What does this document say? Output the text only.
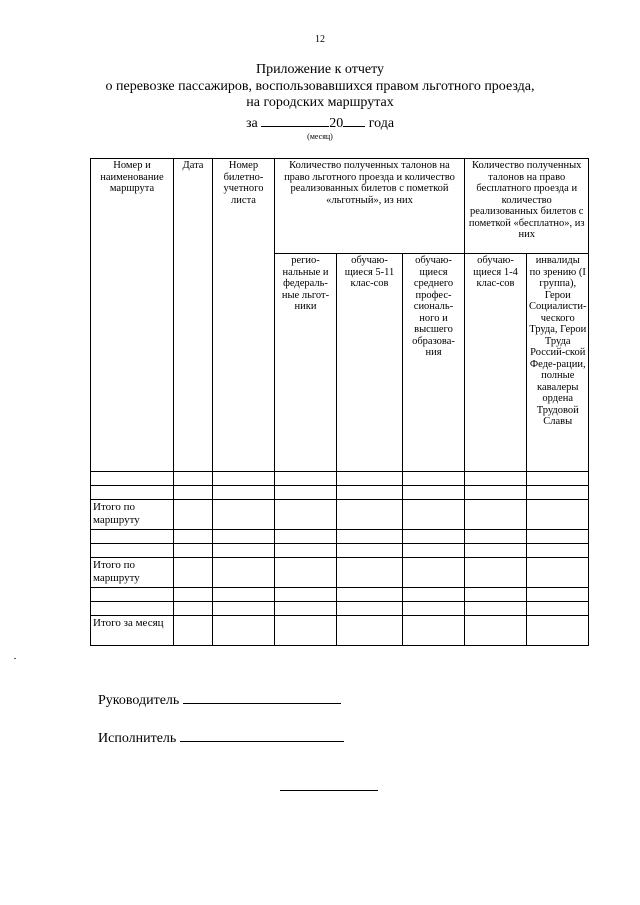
12
Приложение к отчету
о перевозке пассажиров, воспользовавшихся правом льготного проезда,
на городских маршрутах
за	20 года
(месяц)
Номер и наименование маршрута	Дата	Номер билетно-учетного листа	Количество полученных талонов на право льготного проезда и количество реализованных билетов с пометкой «льготный», из них			Количество полученных талонов на право бесплатного проезда и количество реализованных билетов с пометкой «бесплатно», из них	
			регио-нальные и федераль-ные льгот-ники	обучаю-щиеся 5-11 клас-сов	обучаю-щиеся среднего профес-сиональ-ного и высшего образова-ния	обучаю-щиеся 1-4 клас-сов	инвалиды по зрению (I группа), Герои Социалисти-ческого Труда, Герои Труда Россий-ской Феде-рации, полные кавалеры ордена Трудовой Славы

Итого по маршруту							

Итого по маршруту							

Итого за месяц							
Руководитель
Исполнитель
